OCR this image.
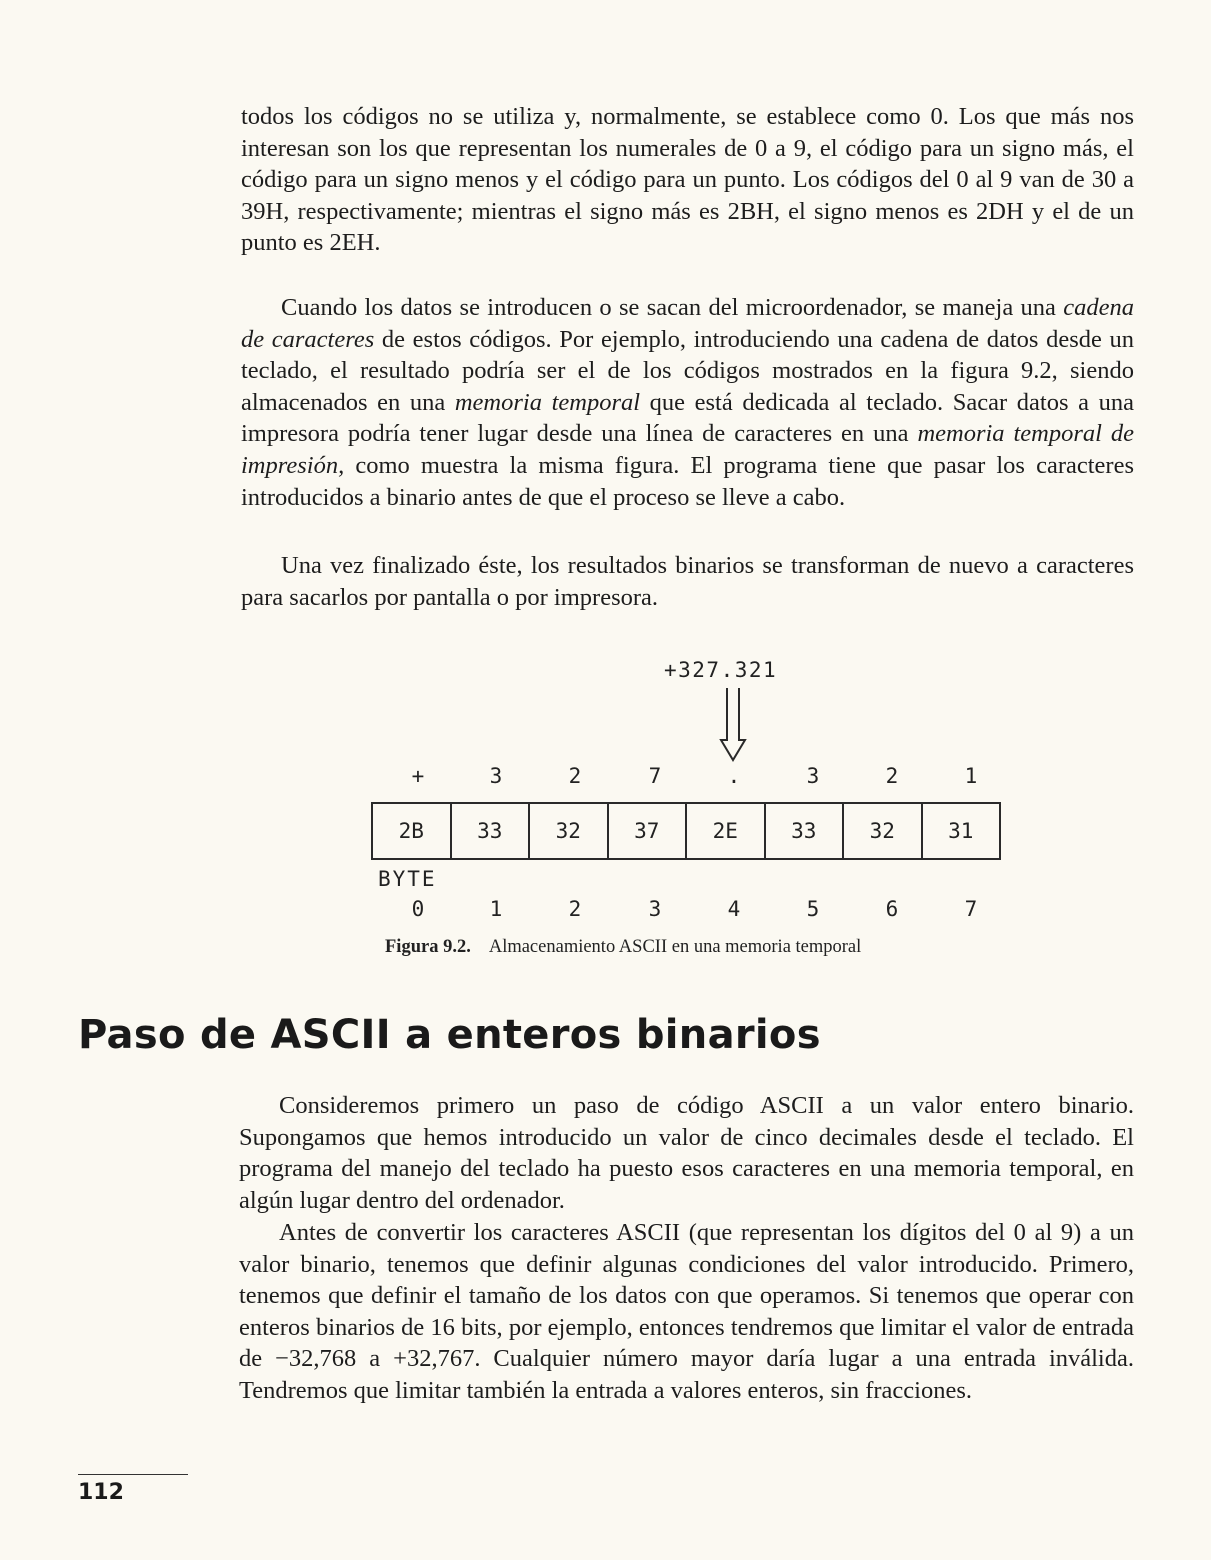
todos los códigos no se utiliza y, normalmente, se establece como 0. Los que más nos interesan son los que representan los numerales de 0 a 9, el código para un signo más, el código para un signo menos y el código para un punto. Los códigos del 0 al 9 van de 30 a 39H, respectivamente; mientras el signo más es 2BH, el signo menos es 2DH y el de un punto es 2EH.

Cuando los datos se introducen o se sacan del microordenador, se maneja una cadena de caracteres de estos códigos. Por ejemplo, introduciendo una cadena de datos desde un teclado, el resultado podría ser el de los códigos mostrados en la figura 9.2, siendo almacenados en una memoria temporal que está dedicada al teclado. Sacar datos a una impresora podría tener lugar desde una línea de caracteres en una memoria temporal de impresión, como muestra la misma figura. El programa tiene que pasar los caracteres introducidos a binario antes de que el proceso se lleve a cabo.

Una vez finalizado éste, los resultados binarios se transforman de nuevo a caracteres para sacarlos por pantalla o por impresora.

+327.321
+	3	2	7	.	3	2	1
2B	33	32	37	2E	33	32	31
BYTE
0	1	2	3	4	5	6	7
Figura 9.2. Almacenamiento ASCII en una memoria temporal
Paso de ASCII a enteros binarios

Consideremos primero un paso de código ASCII a un valor entero binario. Supongamos que hemos introducido un valor de cinco decimales desde el teclado. El programa del manejo del teclado ha puesto esos caracteres en una memoria temporal, en algún lugar dentro del ordenador.

Antes de convertir los caracteres ASCII (que representan los dígitos del 0 al 9) a un valor binario, tenemos que definir algunas condiciones del valor introducido. Primero, tenemos que definir el tamaño de los datos con que operamos. Si tenemos que operar con enteros binarios de 16 bits, por ejemplo, entonces tendremos que limitar el valor de entrada de −32,768 a +32,767. Cualquier número mayor daría lugar a una entrada inválida. Tendremos que limitar también la entrada a valores enteros, sin fracciones.

112
